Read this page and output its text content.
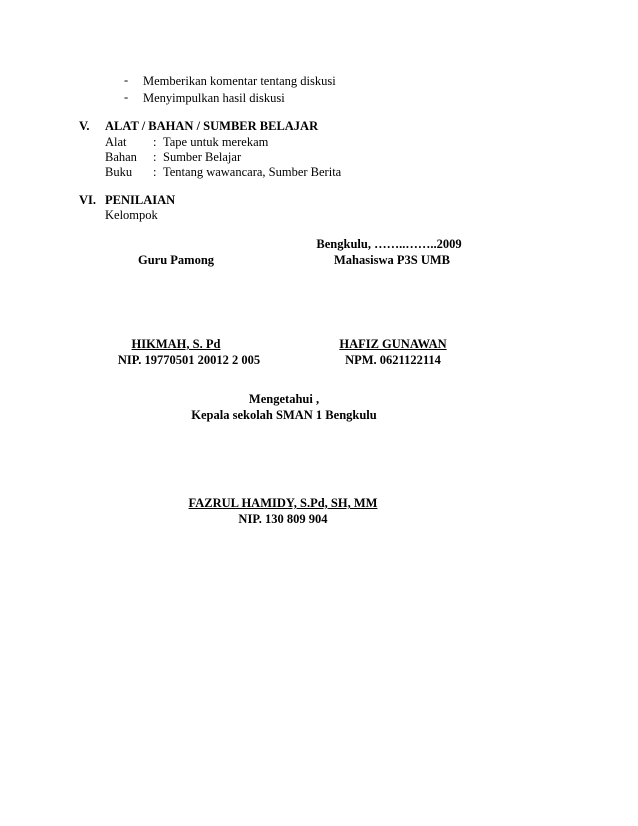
- Memberikan komentar tentang diskusi
- Menyimpulkan hasil diskusi
V. ALAT / BAHAN / SUMBER BELAJAR
Alat : Tape untuk merekam
Bahan : Sumber Belajar
Buku : Tentang wawancara, Sumber Berita
VI. PENILAIAN
Kelompok
Bengkulu, ……..……..2009
Guru Pamong	Mahasiswa P3S UMB
HIKMAH, S. Pd
NIP. 19770501 20012 2 005
HAFIZ GUNAWAN
NPM. 0621122114
Mengetahui ,
Kepala sekolah SMAN 1 Bengkulu
FAZRUL HAMIDY, S.Pd, SH, MM
NIP. 130 809 904
